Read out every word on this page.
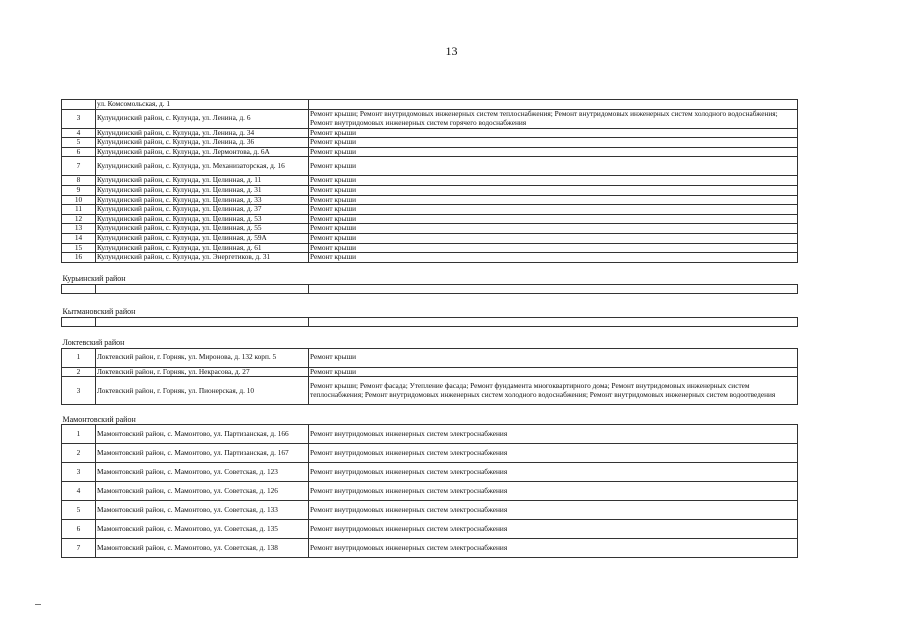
13
	ул. Комсомольская, д. 1	
3	Кулундинский район, с. Кулунда, ул. Ленина, д. 6	Ремонт крыши; Ремонт внутридомовых инженерных систем теплоснабжения; Ремонт внутридомовых инженерных систем холодного водоснабжения; Ремонт внутридомовых инженерных систем горячего водоснабжения
4	Кулундинский район, с. Кулунда, ул. Ленина, д. 34	Ремонт крыши
5	Кулундинский район, с. Кулунда, ул. Ленина, д. 36	Ремонт крыши
6	Кулундинский район, с. Кулунда, ул. Лермонтова, д. 6А	Ремонт крыши
7	Кулундинский район, с. Кулунда, ул. Механизаторская, д. 16	Ремонт крыши
8	Кулундинский район, с. Кулунда, ул. Целинная, д. 11	Ремонт крыши
9	Кулундинский район, с. Кулунда, ул. Целинная, д. 31	Ремонт крыши
10	Кулундинский район, с. Кулунда, ул. Целинная, д. 33	Ремонт крыши
11	Кулундинский район, с. Кулунда, ул. Целинная, д. 37	Ремонт крыши
12	Кулундинский район, с. Кулунда, ул. Целинная, д. 53	Ремонт крыши
13	Кулундинский район, с. Кулунда, ул. Целинная, д. 55	Ремонт крыши
14	Кулундинский район, с. Кулунда, ул. Целинная, д. 59А	Ремонт крыши
15	Кулундинский район, с. Кулунда, ул. Целинная, д. 61	Ремонт крыши
16	Кулундинский район, с. Кулунда, ул. Энергетиков, д. 31	Ремонт крыши
Курьинский район		

Кытмановский район		

Локтевский район		
1	Локтевский район, г. Горняк, ул. Миронова, д. 132 корп. 5	Ремонт крыши
2	Локтевский район, г. Горняк, ул. Некрасова, д. 27	Ремонт крыши
3	Локтевский район, г. Горняк, ул. Пионерская, д. 10	Ремонт крыши; Ремонт фасада; Утепление фасада; Ремонт фундамента многоквартирного дома; Ремонт внутридомовых инженерных систем теплоснабжения; Ремонт внутридомовых инженерных систем холодного водоснабжения; Ремонт внутридомовых инженерных систем водоотведения
Мамонтовский район		
1	Мамонтовский район, с. Мамонтово, ул. Партизанская, д. 166	Ремонт внутридомовых инженерных систем электроснабжения
2	Мамонтовский район, с. Мамонтово, ул. Партизанская, д. 167	Ремонт внутридомовых инженерных систем электроснабжения
3	Мамонтовский район, с. Мамонтово, ул. Советская, д. 123	Ремонт внутридомовых инженерных систем электроснабжения
4	Мамонтовский район, с. Мамонтово, ул. Советская, д. 126	Ремонт внутридомовых инженерных систем электроснабжения
5	Мамонтовский район, с. Мамонтово, ул. Советская, д. 133	Ремонт внутридомовых инженерных систем электроснабжения
6	Мамонтовский район, с. Мамонтово, ул. Советская, д. 135	Ремонт внутридомовых инженерных систем электроснабжения
7	Мамонтовский район, с. Мамонтово, ул. Советская, д. 138	Ремонт внутридомовых инженерных систем электроснабжения
